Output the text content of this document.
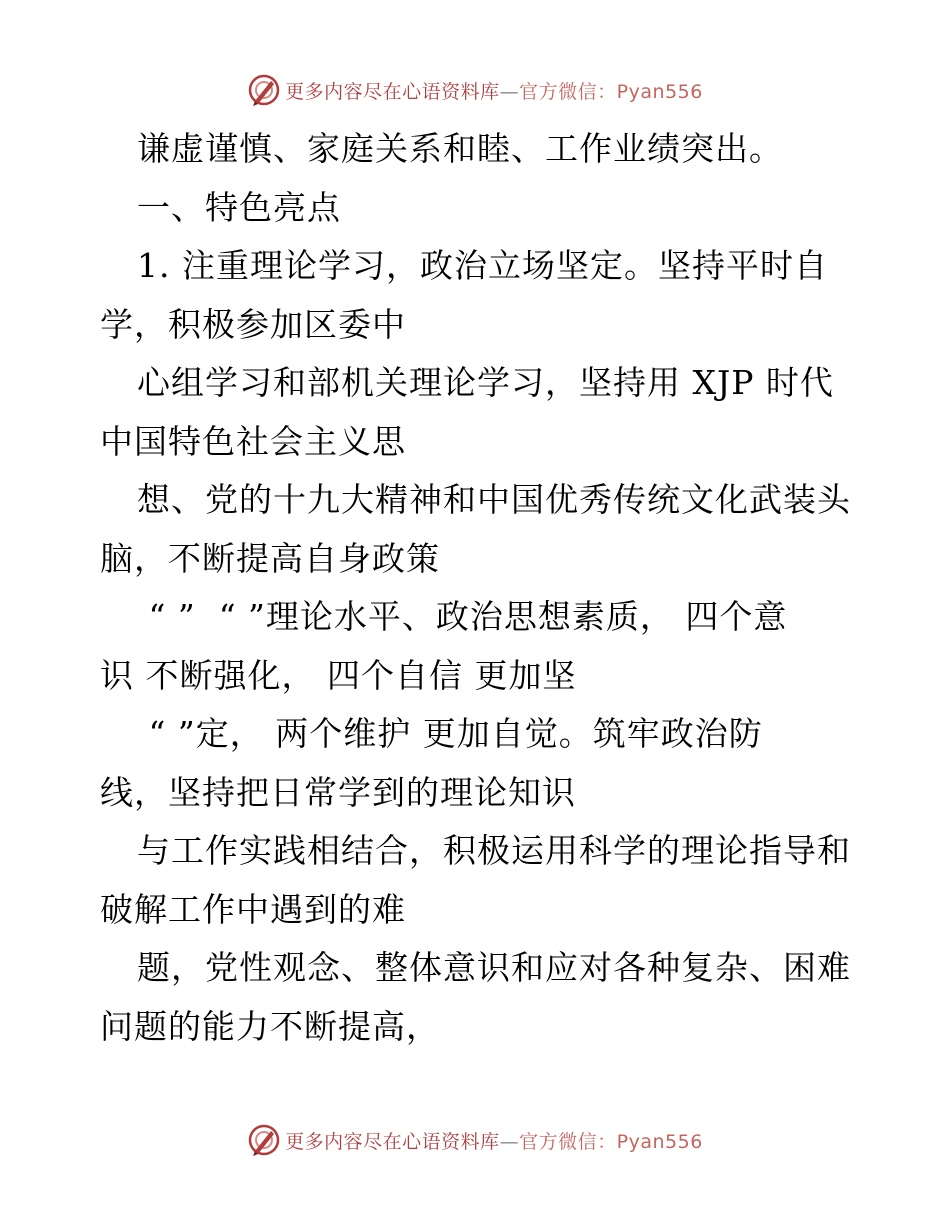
更多内容尽在心语资料库—官方微信：Pyan556
谦虚谨慎、家庭关系和睦、工作业绩突出。
一、特色亮点
1. 注重理论学习，政治立场坚定。坚持平时自
学，积极参加区委中
心组学习和部机关理论学习，坚持用 XJP 时代
中国特色社会主义思
想、党的十九大精神和中国优秀传统文化武装头
脑，不断提高自身政策
“ ”  “ ”理论水平、政治思想素质， 四个意
识 不断强化， 四个自信 更加坚
“ ”定， 两个维护 更加自觉。筑牢政治防
线，坚持把日常学到的理论知识
与工作实践相结合，积极运用科学的理论指导和
破解工作中遇到的难
题，党性观念、整体意识和应对各种复杂、困难
问题的能力不断提高，
更多内容尽在心语资料库—官方微信：Pyan556
